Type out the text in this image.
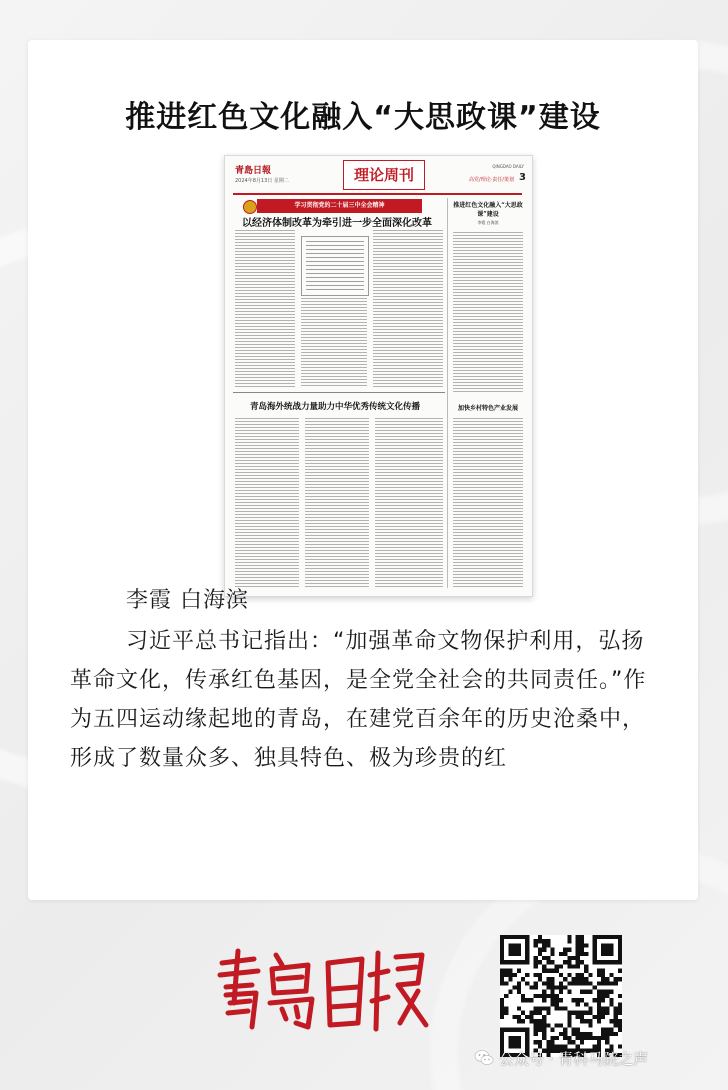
推进红色文化融入“大思政课”建设
青島日報
2024年8月13日 星期二	理论周刊	QINGDAO DAILY
高党/理论·责任/策划 3
学习贯彻党的二十届三中全会精神
以经济体制改革为牵引进一步全面深化改革
青岛海外统战力量助力中华优秀传统文化传播
推进红色文化融入“大思政课”建设
李霞 白海滨
加快乡村特色产业发展
李霞 白海滨

习近平总书记指出：“加强革命文物保护利用，弘扬革命文化，传承红色基因，是全党全社会的共同责任。”作为五四运动缘起地的青岛，在建党百余年的历史沧桑中，形成了数量众多、独具特色、极为珍贵的红

公众号 · 青科马院之声
